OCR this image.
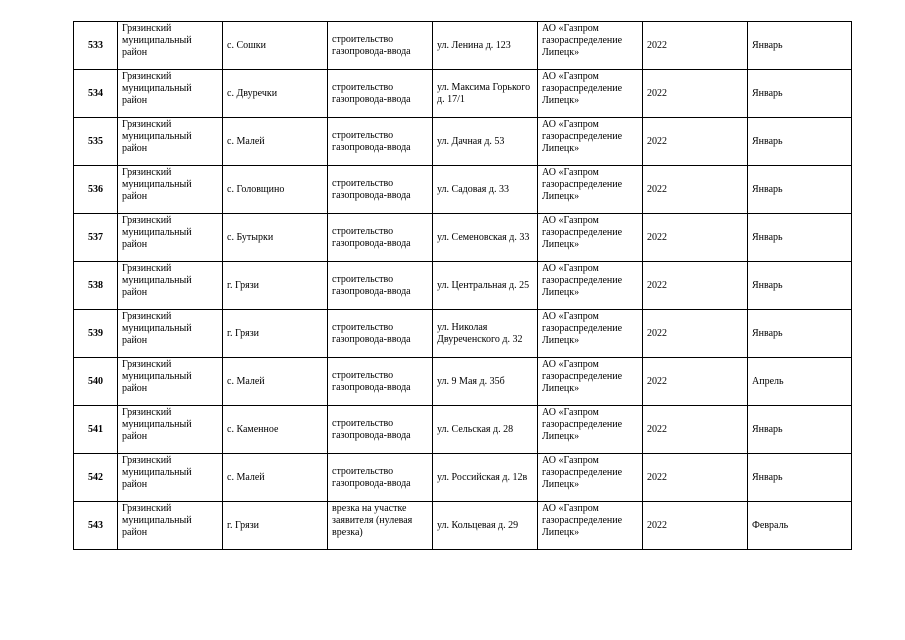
533	Грязинский муниципальный район	с. Сошки	строительство газопровода-ввода	ул. Ленина д. 123	АО «Газпром газораспределение Липецк»	2022	Январь
534	Грязинский муниципальный район	с. Двуречки	строительство газопровода-ввода	ул. Максима Горького д. 17/1	АО «Газпром газораспределение Липецк»	2022	Январь
535	Грязинский муниципальный район	с. Малей	строительство газопровода-ввода	ул. Дачная д. 53	АО «Газпром газораспределение Липецк»	2022	Январь
536	Грязинский муниципальный район	с. Головщино	строительство газопровода-ввода	ул. Садовая д. 33	АО «Газпром газораспределение Липецк»	2022	Январь
537	Грязинский муниципальный район	с. Бутырки	строительство газопровода-ввода	ул. Семеновская д. 33	АО «Газпром газораспределение Липецк»	2022	Январь
538	Грязинский муниципальный район	г. Грязи	строительство газопровода-ввода	ул. Центральная д. 25	АО «Газпром газораспределение Липецк»	2022	Январь
539	Грязинский муниципальный район	г. Грязи	строительство газопровода-ввода	ул. Николая Двуреченского д. 32	АО «Газпром газораспределение Липецк»	2022	Январь
540	Грязинский муниципальный район	с. Малей	строительство газопровода-ввода	ул. 9 Мая д. 35б	АО «Газпром газораспределение Липецк»	2022	Апрель
541	Грязинский муниципальный район	с. Каменное	строительство газопровода-ввода	ул. Сельская д. 28	АО «Газпром газораспределение Липецк»	2022	Январь
542	Грязинский муниципальный район	с. Малей	строительство газопровода-ввода	ул. Российская д. 12в	АО «Газпром газораспределение Липецк»	2022	Январь
543	Грязинский муниципальный район	г. Грязи	врезка на участке заявителя (нулевая врезка)	ул. Кольцевая д. 29	АО «Газпром газораспределение Липецк»	2022	Февраль
